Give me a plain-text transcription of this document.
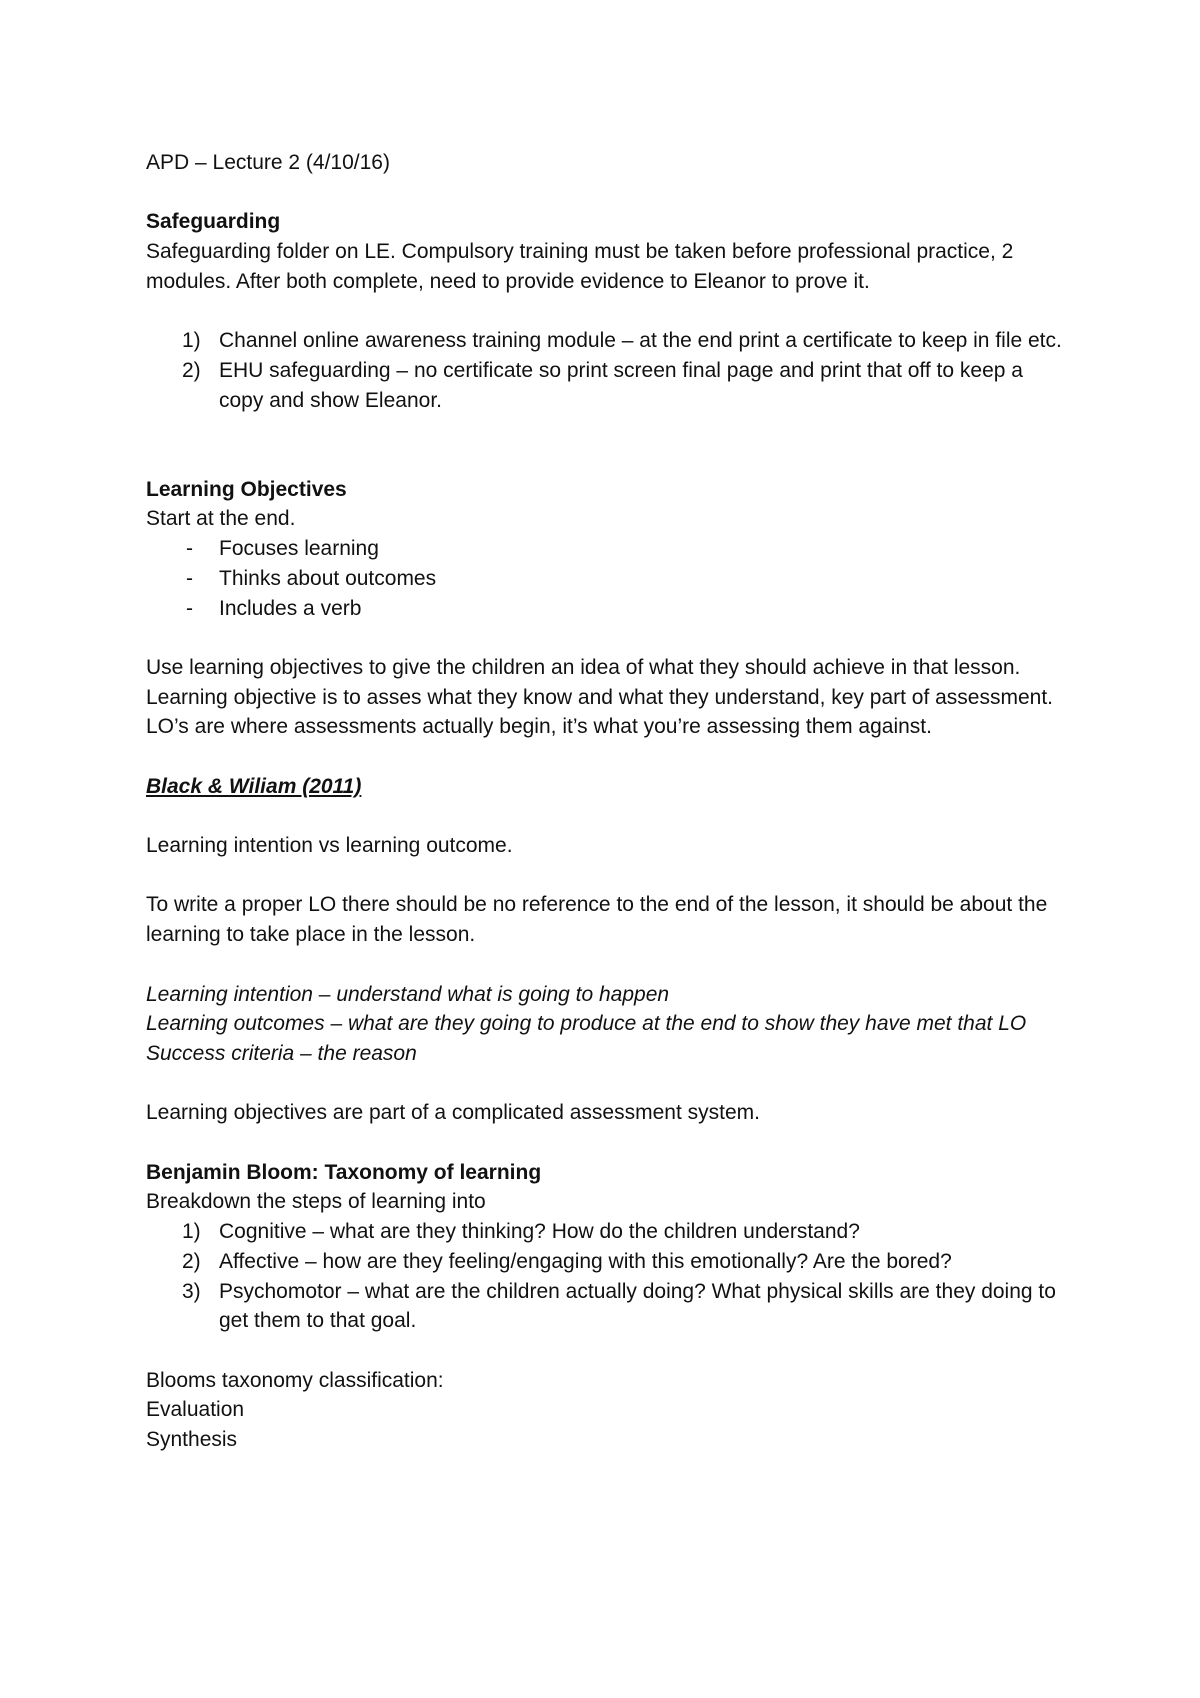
APD – Lecture 2 (4/10/16)

Safeguarding

Safeguarding folder on LE. Compulsory training must be taken before professional practice, 2 modules. After both complete, need to provide evidence to Eleanor to prove it.

1) Channel online awareness training module – at the end print a certificate to keep in file etc.
2) EHU safeguarding – no certificate so print screen final page and print that off to keep a copy and show Eleanor.

Learning Objectives

Start at the end.

- Focuses learning
- Thinks about outcomes
- Includes a verb

Use learning objectives to give the children an idea of what they should achieve in that lesson. Learning objective is to asses what they know and what they understand, key part of assessment. LO’s are where assessments actually begin, it’s what you’re assessing them against.

Black & Wiliam (2011)

Learning intention vs learning outcome.

To write a proper LO there should be no reference to the end of the lesson, it should be about the learning to take place in the lesson.

Learning intention – understand what is going to happen

Learning outcomes – what are they going to produce at the end to show they have met that LO

Success criteria – the reason

Learning objectives are part of a complicated assessment system.

Benjamin Bloom: Taxonomy of learning

Breakdown the steps of learning into

1) Cognitive – what are they thinking? How do the children understand?
2) Affective – how are they feeling/engaging with this emotionally? Are the bored?
3) Psychomotor – what are the children actually doing? What physical skills are they doing to get them to that goal.

Blooms taxonomy classification:

Evaluation

Synthesis
